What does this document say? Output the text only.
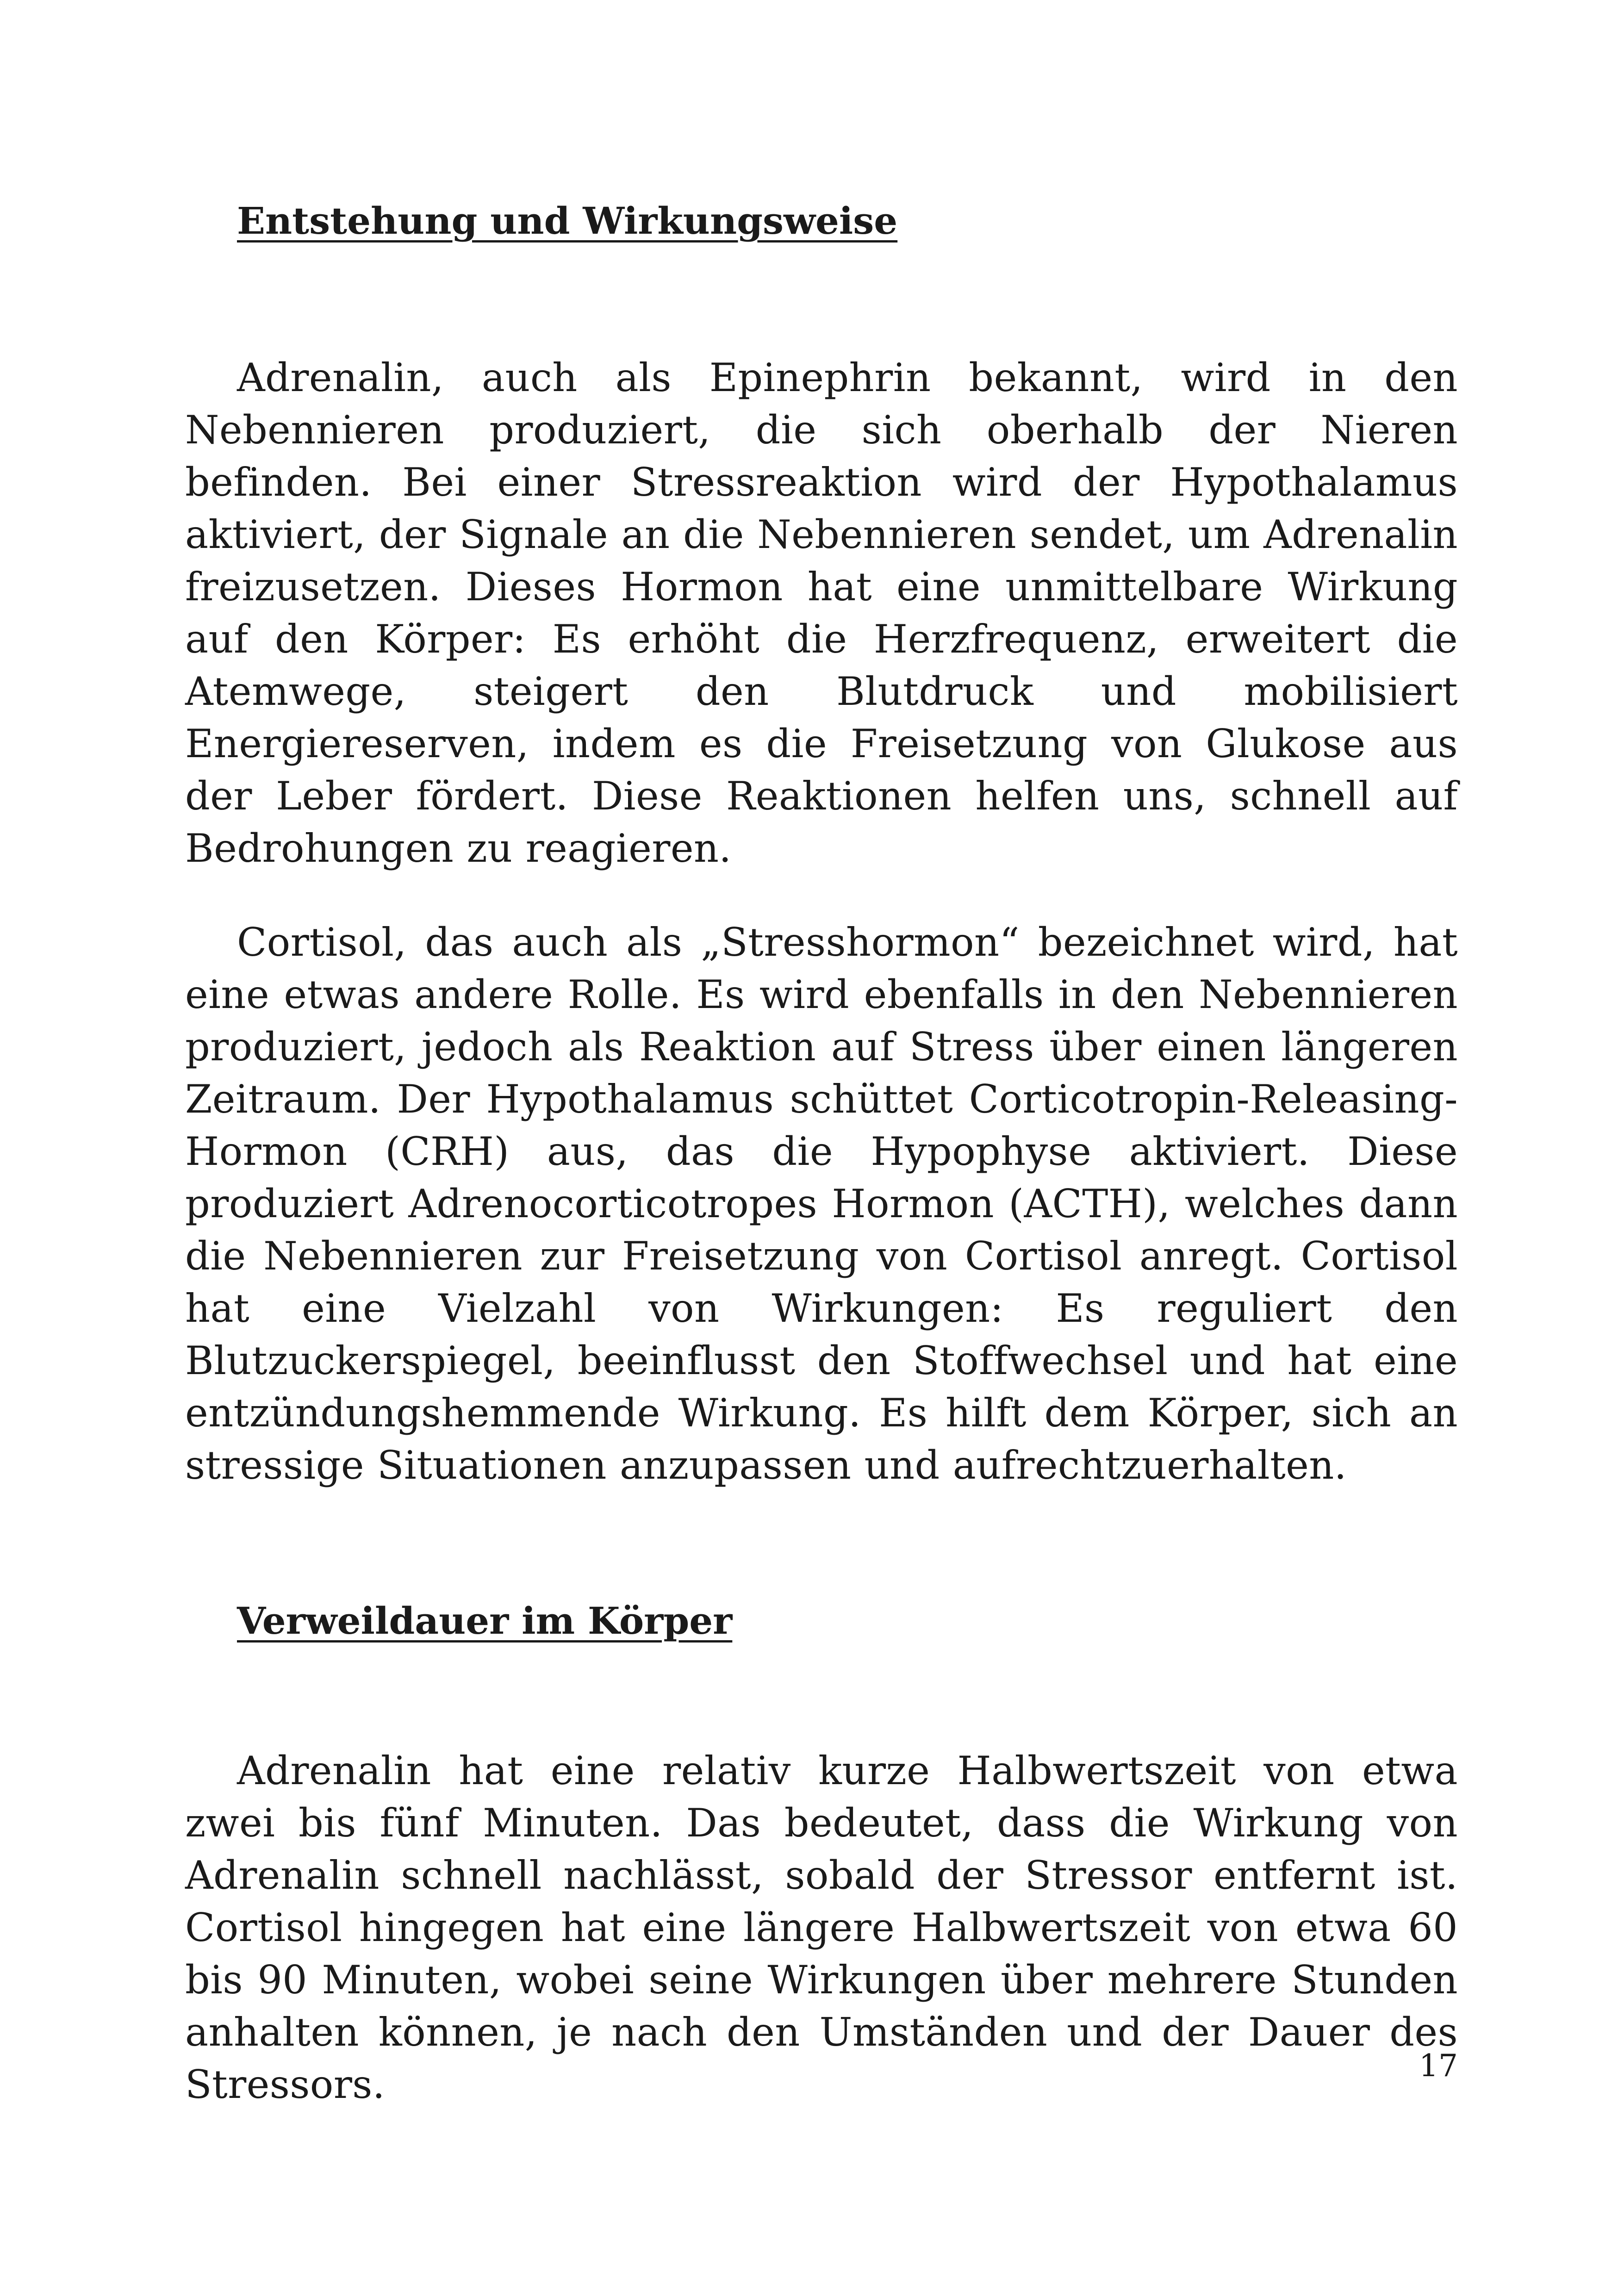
Entstehung und Wirkungsweise

Adrenalin, auch als Epinephrin bekannt, wird in den Nebennieren produziert, die sich oberhalb der Nieren befinden. Bei einer Stressreaktion wird der Hypothalamus aktiviert, der Signale an die Nebennieren sendet, um Adrenalin freizusetzen. Dieses Hormon hat eine unmittelbare Wirkung auf den Körper: Es erhöht die Herzfrequenz, erweitert die Atemwege, steigert den Blutdruck und mobilisiert Energiereserven, indem es die Freisetzung von Glukose aus der Leber fördert. Diese Reaktionen helfen uns, schnell auf Bedrohungen zu reagieren.

Cortisol, das auch als „Stresshormon“ bezeichnet wird, hat eine etwas andere Rolle. Es wird ebenfalls in den Nebennieren produziert, jedoch als Reaktion auf Stress über einen längeren Zeitraum. Der Hypothalamus schüttet Corticotropin-Releasing-Hormon (CRH) aus, das die Hypophyse aktiviert. Diese produziert Adrenocorticotropes Hormon (ACTH), welches dann die Nebennieren zur Freisetzung von Cortisol anregt. Cortisol hat eine Vielzahl von Wirkungen: Es reguliert den Blutzuckerspiegel, beeinflusst den Stoffwechsel und hat eine entzündungshemmende Wirkung. Es hilft dem Körper, sich an stressige Situationen anzupassen und aufrechtzuerhalten.

Verweildauer im Körper

Adrenalin hat eine relativ kurze Halbwertszeit von etwa zwei bis fünf Minuten. Das bedeutet, dass die Wirkung von Adrenalin schnell nachlässt, sobald der Stressor entfernt ist. Cortisol hingegen hat eine längere Halbwertszeit von etwa 60 bis 90 Minuten, wobei seine Wirkungen über mehrere Stunden anhalten können, je nach den Umständen und der Dauer des Stressors.	17
